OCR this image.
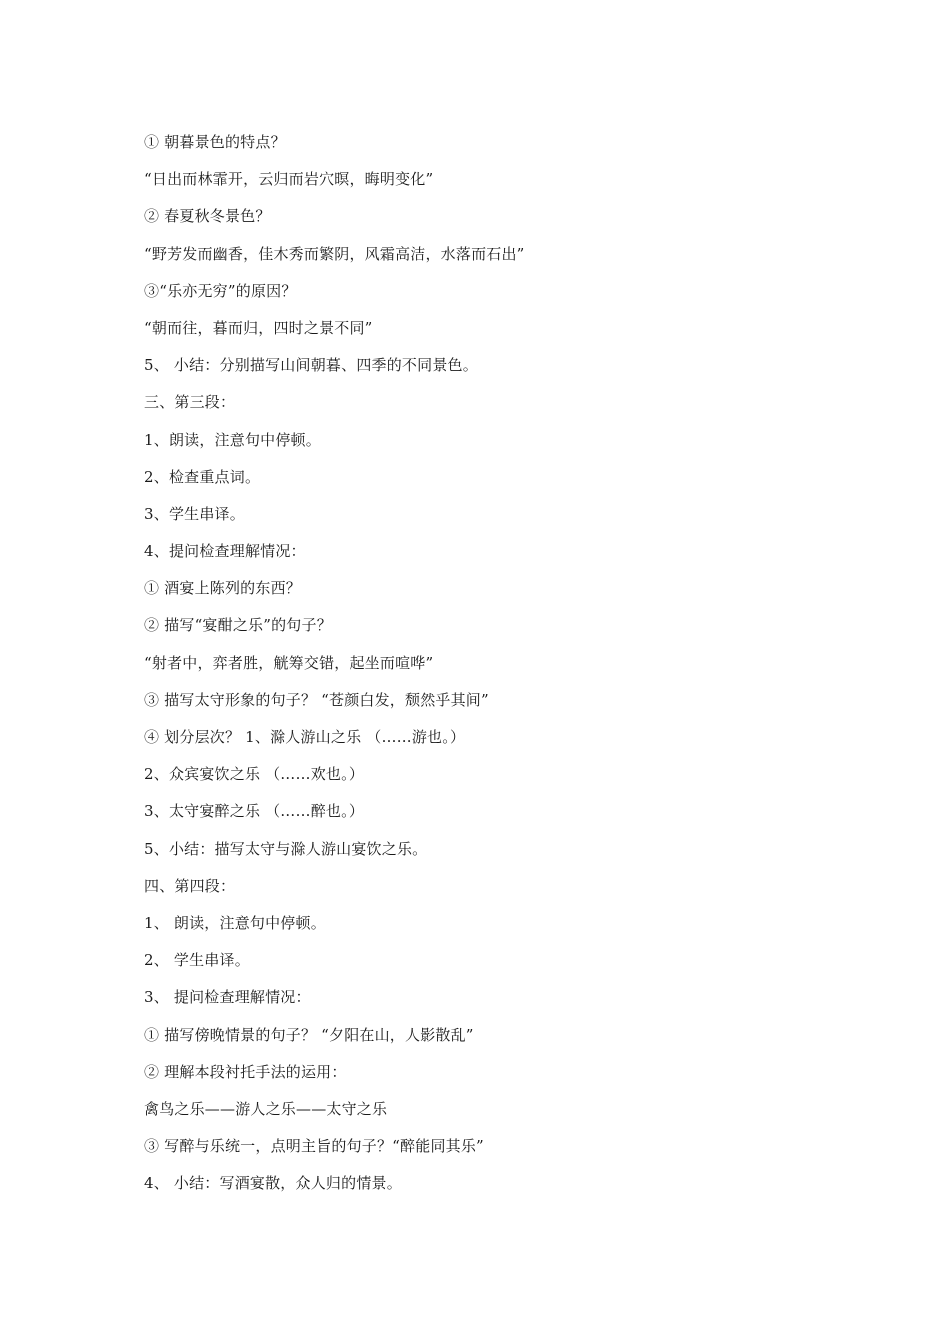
① 朝暮景色的特点？
“日出而林霏开，云归而岩穴暝，晦明变化”
② 春夏秋冬景色？
“野芳发而幽香，佳木秀而繁阴，风霜高洁，水落而石出”
③“乐亦无穷”的原因？
“朝而往，暮而归，四时之景不同”
5、 小结：分别描写山间朝暮、四季的不同景色。
三、第三段：
1、朗读，注意句中停顿。
2、检查重点词。
3、学生串译。
4、提问检查理解情况：
① 酒宴上陈列的东西？
② 描写“宴酣之乐”的句子？
“射者中，弈者胜，觥筹交错，起坐而喧哗”
③ 描写太守形象的句子？ “苍颜白发，颓然乎其间”
④ 划分层次？ 1、滁人游山之乐 （……游也。）
2、众宾宴饮之乐 （……欢也。）
3、太守宴醉之乐 （……醉也。）
5、小结：描写太守与滁人游山宴饮之乐。
四、第四段：
1、 朗读，注意句中停顿。
2、 学生串译。
3、 提问检查理解情况：
① 描写傍晚情景的句子？ “夕阳在山，人影散乱”
② 理解本段衬托手法的运用：
禽鸟之乐——游人之乐——太守之乐
③ 写醉与乐统一，点明主旨的句子？“醉能同其乐”
4、 小结：写酒宴散，众人归的情景。
